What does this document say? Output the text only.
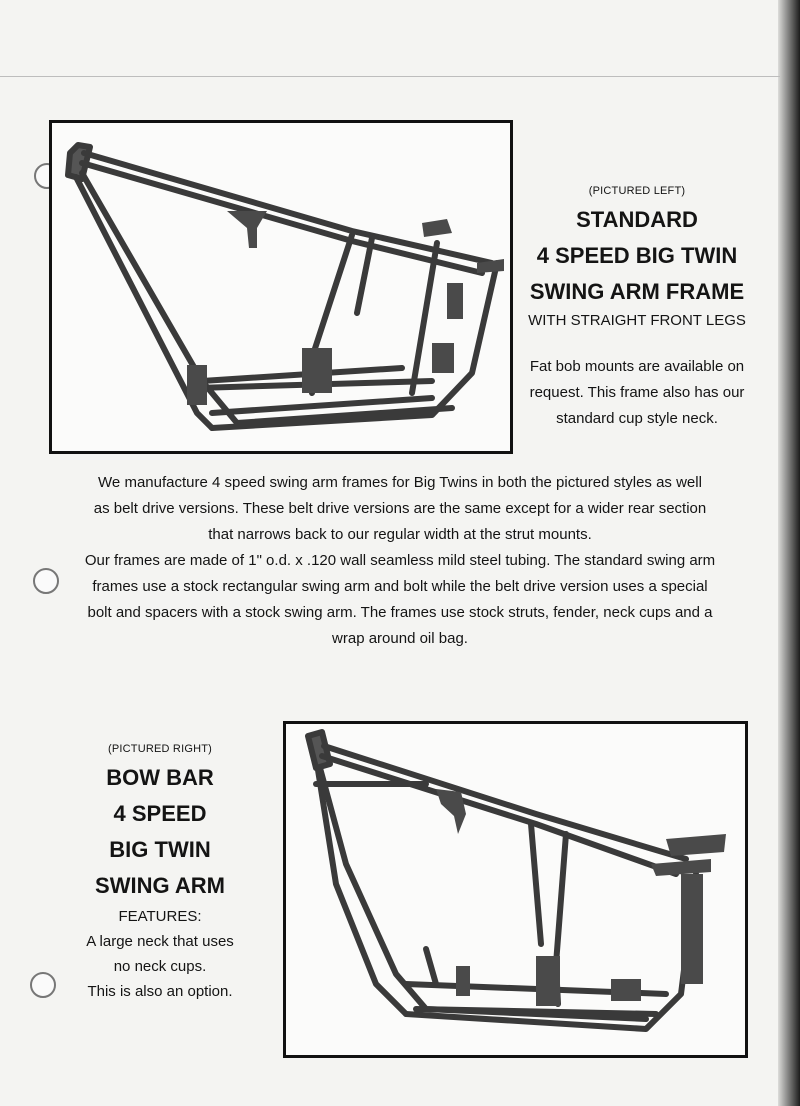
(PICTURED LEFT)
STANDARD
4 SPEED BIG TWIN
SWING ARM FRAME
WITH STRAIGHT FRONT LEGS
Fat bob mounts are available on
request. This frame also has our
standard cup style neck.

We manufacture 4 speed swing arm frames for Big Twins in both the pictured styles as well

as belt drive versions. These belt drive versions are the same except for a wider rear section

that narrows back to our regular width at the strut mounts.

Our frames are made of 1" o.d. x .120 wall seamless mild steel tubing. The standard swing arm

frames use a stock rectangular swing arm and bolt while the belt drive version uses a special

bolt and spacers with a stock swing arm. The frames use stock struts, fender, neck cups and a

wrap around oil bag.

(PICTURED RIGHT)
BOW BAR
4 SPEED
BIG TWIN
SWING ARM
FEATURES:
A large neck that uses
no neck cups.
This is also an option.
